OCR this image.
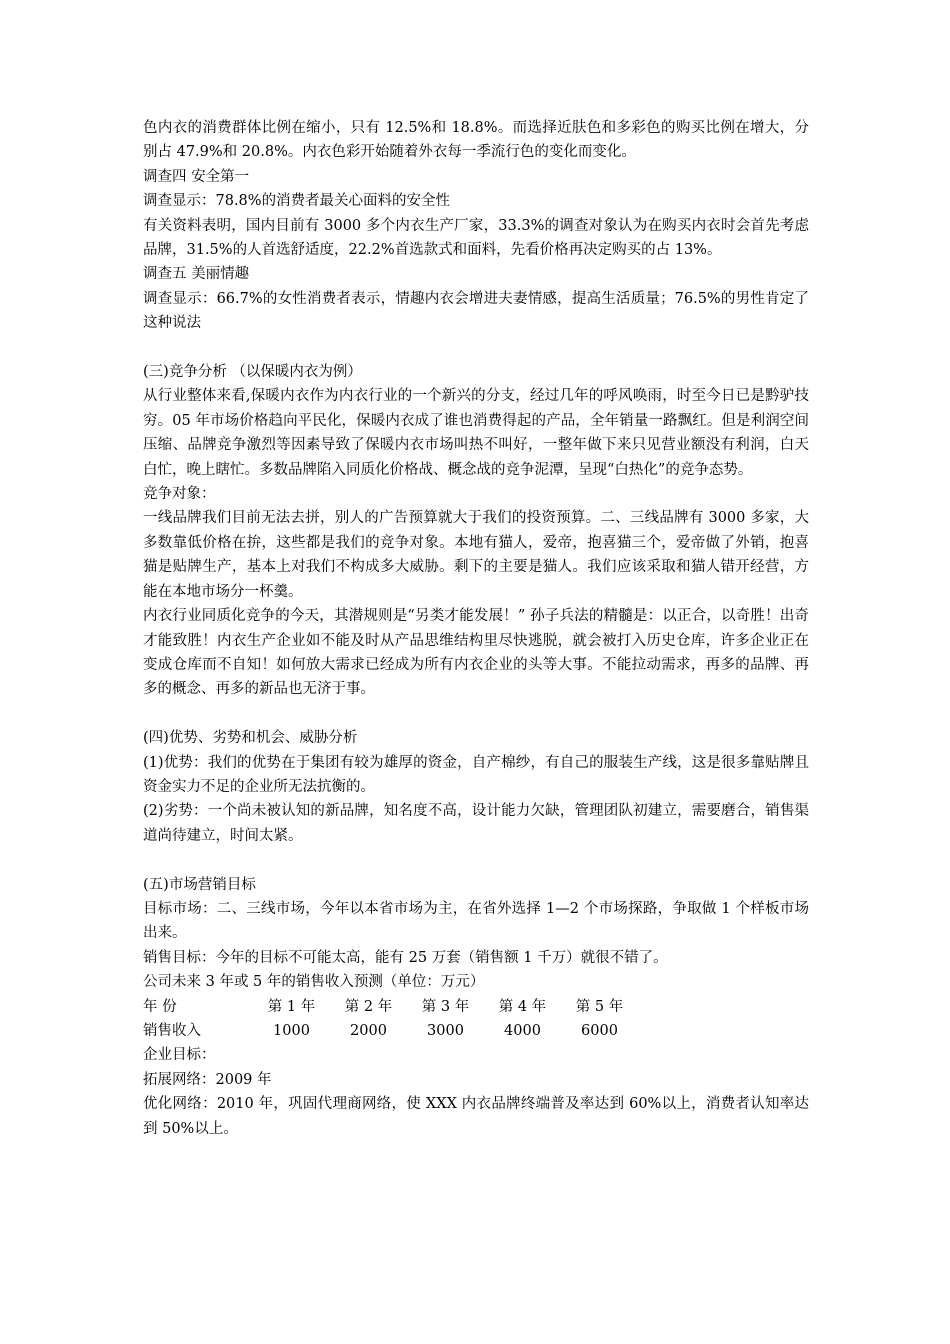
色内衣的消费群体比例在缩小，只有 12.5%和 18.8%。而选择近肤色和多彩色的购买比例在增大，分别占 47.9%和 20.8%。内衣色彩开始随着外衣每一季流行色的变化而变化。

调查四 安全第一

调查显示：78.8%的消费者最关心面料的安全性

有关资料表明，国内目前有 3000 多个内衣生产厂家，33.3%的调查对象认为在购买内衣时会首先考虑品牌，31.5%的人首选舒适度，22.2%首选款式和面料，先看价格再决定购买的占 13%。

调查五 美丽情趣

调查显示：66.7%的女性消费者表示，情趣内衣会增进夫妻情感，提高生活质量；76.5%的男性肯定了这种说法

(三)竞争分析 （以保暖内衣为例）

从行业整体来看,保暖内衣作为内衣行业的一个新兴的分支，经过几年的呼风唤雨，时至今日已是黔驴技穷。05 年市场价格趋向平民化，保暖内衣成了谁也消费得起的产品，全年销量一路飘红。但是利润空间压缩、品牌竞争激烈等因素导致了保暖内衣市场叫热不叫好，一整年做下来只见营业额没有利润，白天白忙，晚上瞎忙。多数品牌陷入同质化价格战、概念战的竞争泥潭，呈现“白热化”的竞争态势。

竞争对象：

一线品牌我们目前无法去拼，别人的广告预算就大于我们的投资预算。二、三线品牌有 3000 多家，大多数靠低价格在拚，这些都是我们的竞争对象。本地有猫人，爱帝，抱喜猫三个，爱帝做了外销，抱喜猫是贴牌生产，基本上对我们不构成多大威胁。剩下的主要是猫人。我们应该采取和猫人错开经营，方能在本地市场分一杯羹。

内衣行业同质化竞争的今天，其潜规则是“另类才能发展！” 孙子兵法的精髓是：以正合，以奇胜！出奇才能致胜！内衣生产企业如不能及时从产品思维结构里尽快逃脱，就会被打入历史仓库，许多企业正在变成仓库而不自知！如何放大需求已经成为所有内衣企业的头等大事。不能拉动需求，再多的品牌、再多的概念、再多的新品也无济于事。

(四)优势、劣势和机会、威胁分析

(1)优势：我们的优势在于集团有较为雄厚的资金，自产棉纱，有自己的服装生产线，这是很多靠贴牌且资金实力不足的企业所无法抗衡的。

(2)劣势：一个尚未被认知的新品牌，知名度不高，设计能力欠缺，管理团队初建立，需要磨合，销售渠道尚待建立，时间太紧。

(五)市场营销目标

目标市场：二、三线市场，今年以本省市场为主，在省外选择 1—2 个市场探路，争取做 1 个样板市场出来。

销售目标：今年的目标不可能太高，能有 25 万套（销售额 1 千万）就很不错了。

公司未来 3 年或 5 年的销售收入预测（单位：万元）

年 份	第 1 年	第 2 年	第 3 年	第 4 年	第 5 年
销售收入	1000	2000	3000	4000	6000

企业目标：

拓展网络：2009 年

优化网络：2010 年，巩固代理商网络，使 XXX 内衣品牌终端普及率达到 60%以上，消费者认知率达到 50%以上。
